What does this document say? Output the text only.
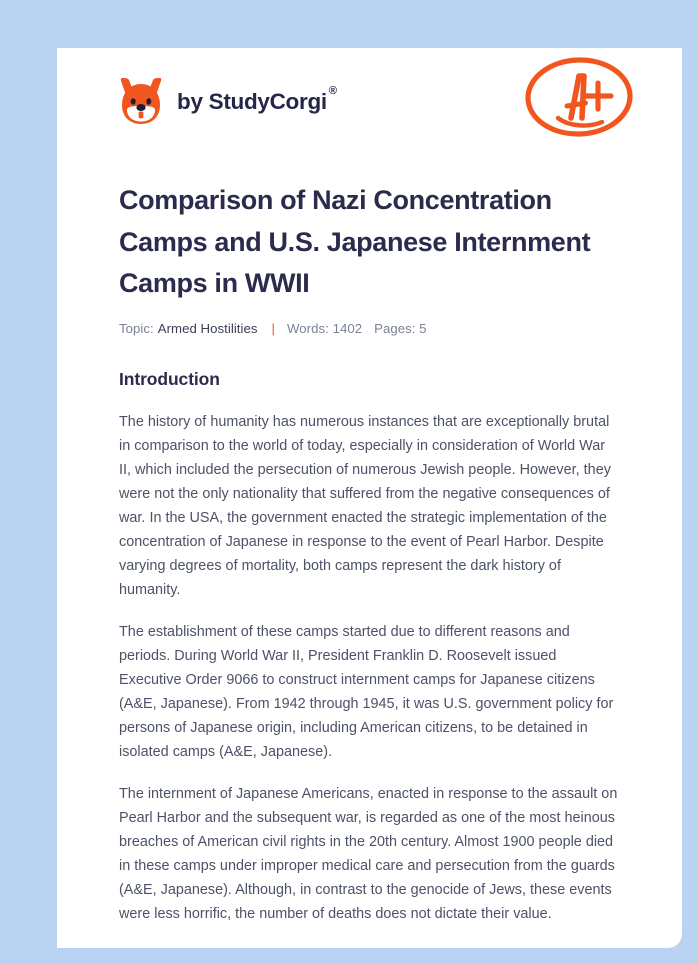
by StudyCorgi ®
Comparison of Nazi Concentration Camps and U.S. Japanese Internment Camps in WWII
Topic: Armed Hostilities | Words: 1402 Pages: 5
Introduction

The history of humanity has numerous instances that are exceptionally brutal in comparison to the world of today, especially in consideration of World War II, which included the persecution of numerous Jewish people. However, they were not the only nationality that suffered from the negative consequences of war. In the USA, the government enacted the strategic implementation of the concentration of Japanese in response to the event of Pearl Harbor. Despite varying degrees of mortality, both camps represent the dark history of humanity.

The establishment of these camps started due to different reasons and periods. During World War II, President Franklin D. Roosevelt issued Executive Order 9066 to construct internment camps for Japanese citizens (A&E, Japanese). From 1942 through 1945, it was U.S. government policy for persons of Japanese origin, including American citizens, to be detained in isolated camps (A&E, Japanese).

The internment of Japanese Americans, enacted in response to the assault on Pearl Harbor and the subsequent war, is regarded as one of the most heinous breaches of American civil rights in the 20th century. Almost 1900 people died in these camps under improper medical care and persecution from the guards (A&E, Japanese). Although, in contrast to the genocide of Jews, these events were less horrific, the number of deaths does not dictate their value.
